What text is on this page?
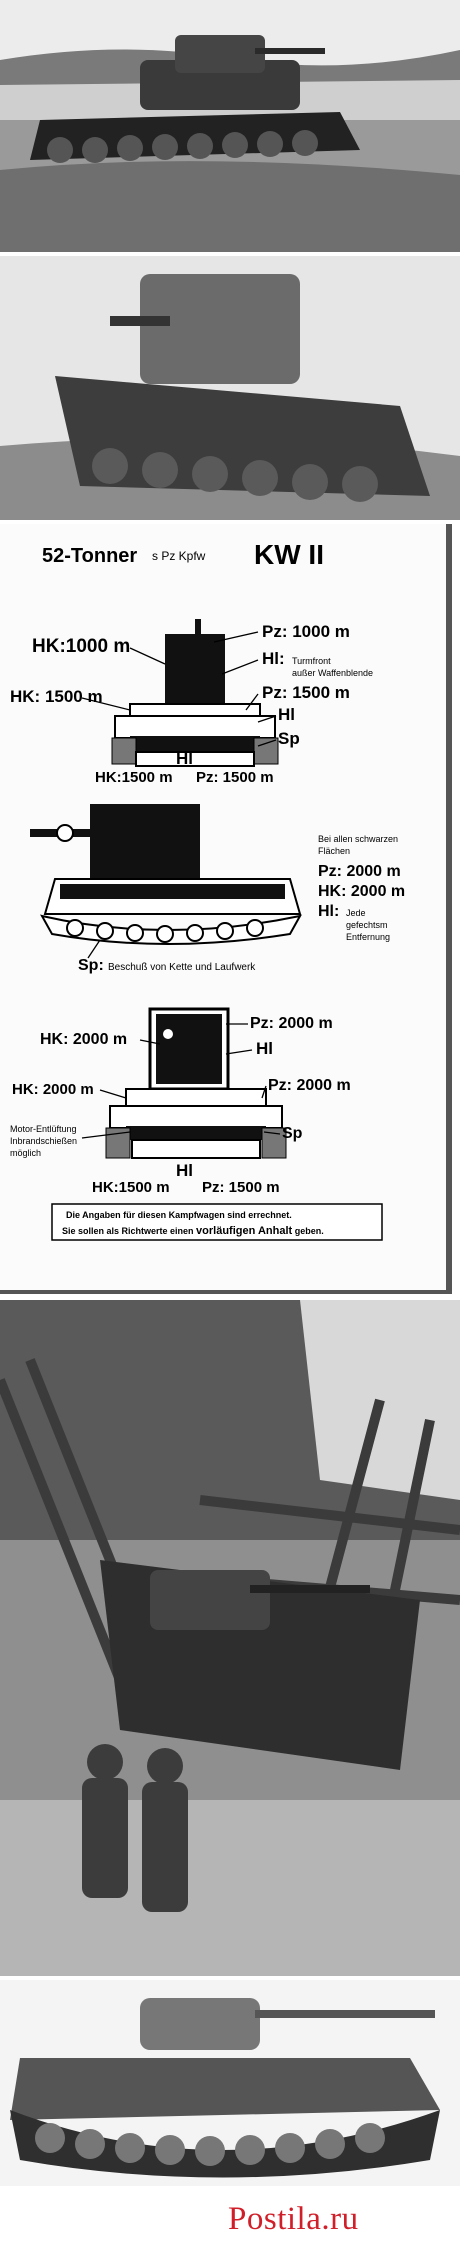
52-Tonner s Pz Kpfw KW II
HK:1000 m
Pz: 1000 m
Hl: Turmfront
außer Waffenblende
HK: 1500 m	Pz: 1500 m
Hl
Sp
Hl
HK:1500 m Pz: 1500 m
Bei allen schwarzen
Flächen
Pz: 2000 m
HK: 2000 m
Hl: Jede
gefechtsm
Entfernung
Sp: Beschuß von Kette und Laufwerk
HK: 2000 m
Pz: 2000 m
Hl
HK: 2000 m	Pz: 2000 m
Motor-Entlüftung
Inbrandschießen
möglich
Sp
Hl
HK:1500 m Pz: 1500 m
Die Angaben für diesen Kampfwagen sind errechnet.
Sie sollen als Richtwerte einen vorläufigen Anhalt geben.
Postila.ru
